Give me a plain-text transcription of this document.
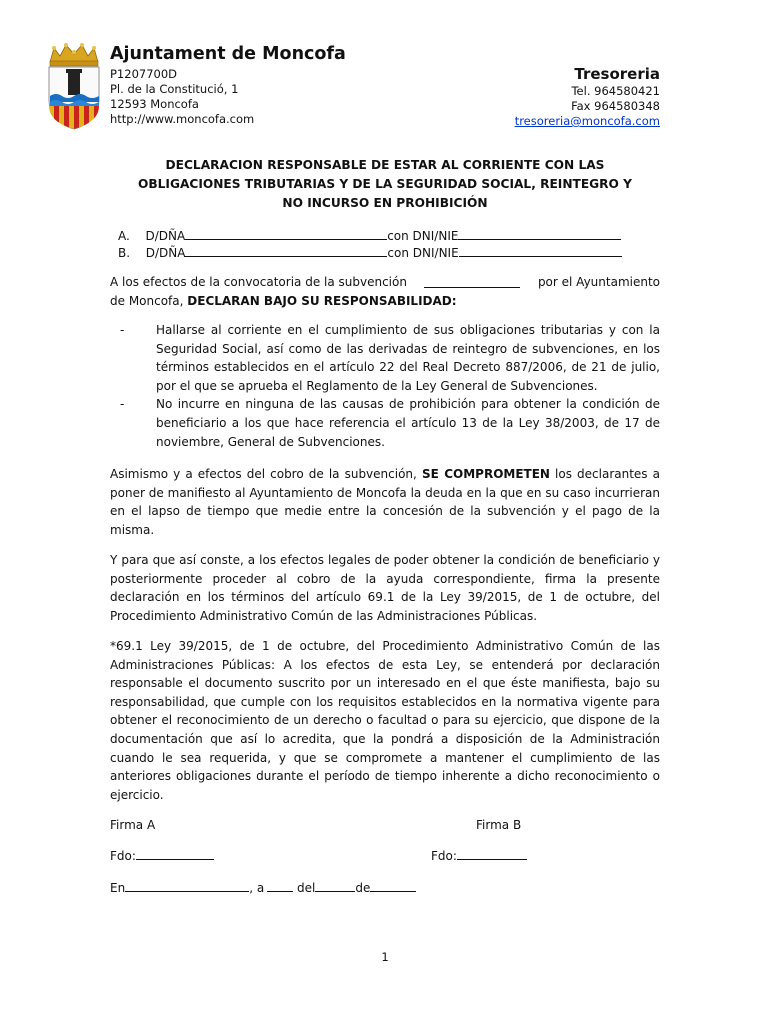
Ajuntament de Moncofa
P1207700D
Pl. de la Constitució, 1
12593 Moncofa
http://www.moncofa.com
Tresoreria
Tel. 964580421
Fax 964580348
tresoreria@moncofa.com
DECLARACION RESPONSABLE DE ESTAR AL CORRIENTE CON LAS
OBLIGACIONES TRIBUTARIAS Y DE LA SEGURIDAD SOCIAL, REINTEGRO Y
NO INCURSO EN PROHIBICIÓN
A. D/DÑA	con DNI/NIE
B. D/DÑA	con DNI/NIE
A los efectos de la convocatoria de la subvención	por el Ayuntamiento
de Moncofa, DECLARAN BAJO SU RESPONSABILIDAD:
-	Hallarse al corriente en el cumplimiento de sus obligaciones tributarias y con la Seguridad Social, así como de las derivadas de reintegro de subvenciones, en los términos establecidos en el artículo 22 del Real Decreto 887/2006, de 21 de julio, por el que se aprueba el Reglamento de la Ley General de Subvenciones.
-	No incurre en ninguna de las causas de prohibición para obtener la condición de beneficiario a los que hace referencia el artículo 13 de la Ley 38/2003, de 17 de noviembre, General de Subvenciones.
Asimismo y a efectos del cobro de la subvención, SE COMPROMETEN los declarantes a poner de manifiesto al Ayuntamiento de Moncofa la deuda en la que en su caso incurrieran en el lapso de tiempo que medie entre la concesión de la subvención y el pago de la misma.
Y para que así conste, a los efectos legales de poder obtener la condición de beneficiario y posteriormente proceder al cobro de la ayuda correspondiente, firma la presente declaración en los términos del artículo 69.1 de la Ley 39/2015, de 1 de octubre, del Procedimiento Administrativo Común de las Administraciones Públicas.
*69.1 Ley 39/2015, de 1 de octubre, del Procedimiento Administrativo Común de las Administraciones Públicas: A los efectos de esta Ley, se entenderá por declaración responsable el documento suscrito por un interesado en el que éste manifiesta, bajo su responsabilidad, que cumple con los requisitos establecidos en la normativa vigente para obtener el reconocimiento de un derecho o facultad o para su ejercicio, que dispone de la documentación que así lo acredita, que la pondrá a disposición de la Administración cuando le sea requerida, y que se compromete a mantener el cumplimiento de las anteriores obligaciones durante el período de tiempo inherente a dicho reconocimiento o ejercicio.
Firma A	Firma B
Fdo:	Fdo:
En	, a	del	de
1
